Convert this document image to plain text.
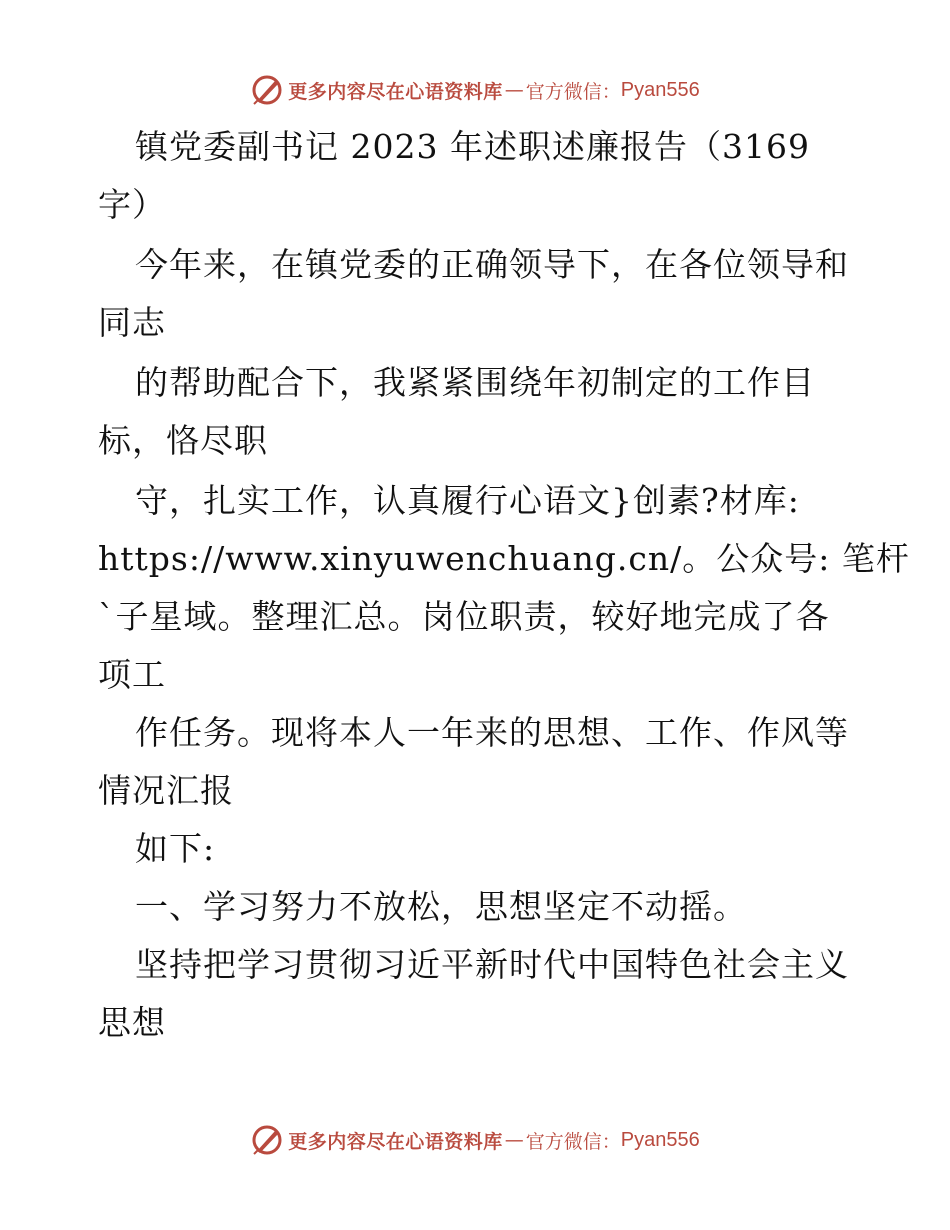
更多内容尽在心语资料库 — 官方微信： Pyan556
镇党委副书记 2023 年述职述廉报告（3169
字）
今年来，在镇党委的正确领导下，在各位领导和
同志
的帮助配合下，我紧紧围绕年初制定的工作目
标，恪尽职
守，扎实工作，认真履行心语文}创素?材库:
https://www.xinyuwenchuang.cn/。公众号: 笔杆
`子星域。整理汇总。岗位职责，较好地完成了各
项工
作任务。现将本人一年来的思想、工作、作风等
情况汇报
如下:
一、学习努力不放松，思想坚定不动摇。
坚持把学习贯彻习近平新时代中国特色社会主义
思想
更多内容尽在心语资料库 — 官方微信： Pyan556
